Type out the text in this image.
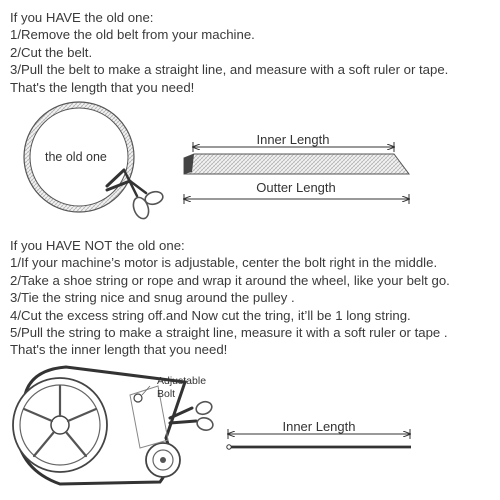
If you HAVE the old one:
1/Remove the old belt from your machine.
2/Cut the belt.
3/Pull the belt to make a straight line, and measure with a soft ruler or tape.
That's the length that you need!
the old one
Inner Length
Outter Length
Adjustable
Bolt
Inner Length
If you HAVE NOT the old one:
1/If your machine’s motor is adjustable, center the bolt right in the middle.
2/Take a shoe string or rope and wrap it around the wheel, like your belt go.
3/Tie the string nice and snug around the pulley .
4/Cut the excess string off.and Now cut the tring, it’ll be 1 long string.
5/Pull the string to make a straight line, measure it with a soft ruler or tape .
That's the inner length that you need!
